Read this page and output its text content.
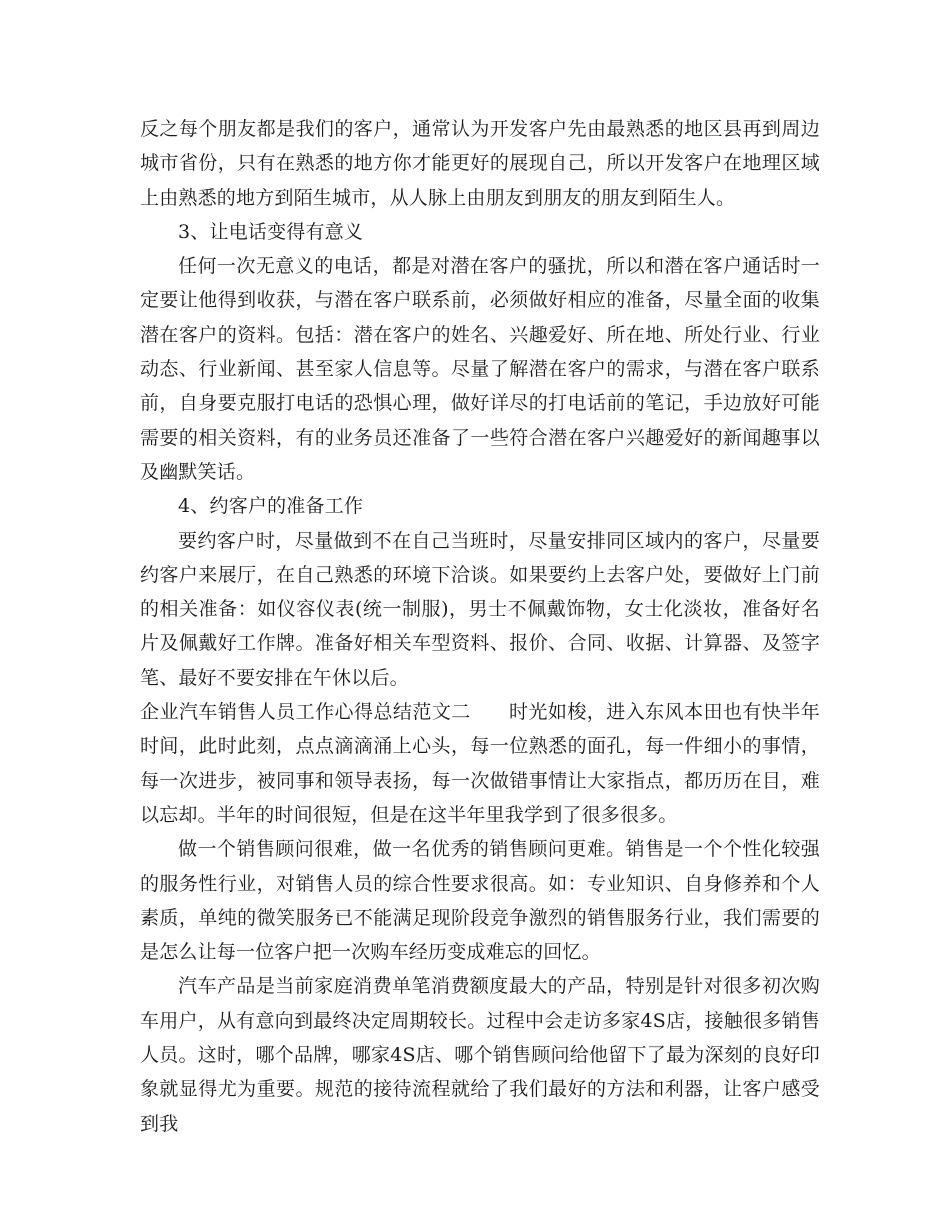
反之每个朋友都是我们的客户，通常认为开发客户先由最熟悉的地区县再到周边城市省份，只有在熟悉的地方你才能更好的展现自己，所以开发客户在地理区域上由熟悉的地方到陌生城市，从人脉上由朋友到朋友的朋友到陌生人。

3、让电话变得有意义

任何一次无意义的电话，都是对潜在客户的骚扰，所以和潜在客户通话时一定要让他得到收获，与潜在客户联系前，必须做好相应的准备，尽量全面的收集潜在客户的资料。包括：潜在客户的姓名、兴趣爱好、所在地、所处行业、行业动态、行业新闻、甚至家人信息等。尽量了解潜在客户的需求，与潜在客户联系前，自身要克服打电话的恐惧心理，做好详尽的打电话前的笔记，手边放好可能需要的相关资料，有的业务员还准备了一些符合潜在客户兴趣爱好的新闻趣事以及幽默笑话。

4、约客户的准备工作

要约客户时，尽量做到不在自己当班时，尽量安排同区域内的客户，尽量要约客户来展厅，在自己熟悉的环境下洽谈。如果要约上去客户处，要做好上门前的相关准备：如仪容仪表(统一制服)，男士不佩戴饰物，女士化淡妆，准备好名片及佩戴好工作牌。准备好相关车型资料、报价、合同、收据、计算器、及签字笔、最好不要安排在午休以后。

企业汽车销售人员工作心得总结范文二 时光如梭，进入东风本田也有快半年时间，此时此刻，点点滴滴涌上心头，每一位熟悉的面孔，每一件细小的事情，每一次进步，被同事和领导表扬，每一次做错事情让大家指点，都历历在目，难以忘却。半年的时间很短，但是在这半年里我学到了很多很多。

做一个销售顾问很难，做一名优秀的销售顾问更难。销售是一个个性化较强的服务性行业，对销售人员的综合性要求很高。如：专业知识、自身修养和个人素质，单纯的微笑服务已不能满足现阶段竞争激烈的销售服务行业，我们需要的是怎么让每一位客户把一次购车经历变成难忘的回忆。

汽车产品是当前家庭消费单笔消费额度最大的产品，特别是针对很多初次购车用户，从有意向到最终决定周期较长。过程中会走访多家4S店，接触很多销售人员。这时，哪个品牌，哪家4S店、哪个销售顾问给他留下了最为深刻的良好印象就显得尤为重要。规范的接待流程就给了我们最好的方法和利器，让客户感受到我
